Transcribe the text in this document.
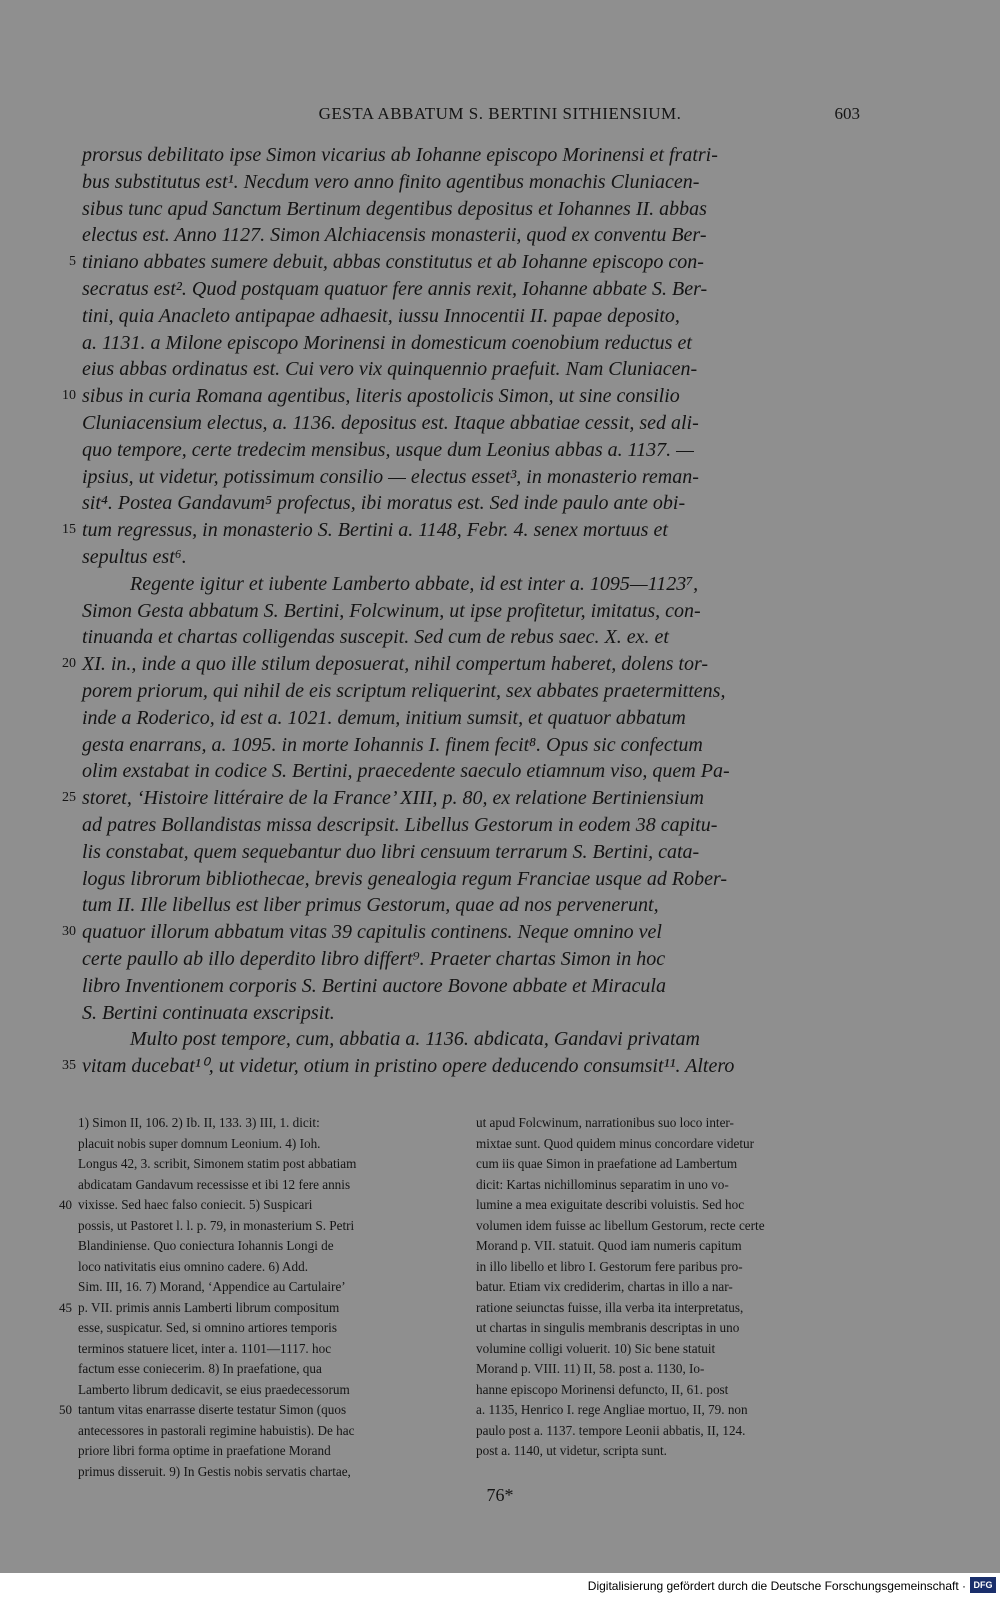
GESTA ABBATUM S. BERTINI SITHIENSIUM.	603
prorsus debilitato ipse Simon vicarius ab Iohanne episcopo Morinensi et fratri-
bus substitutus est¹. Necdum vero anno finito agentibus monachis Cluniacen-
sibus tunc apud Sanctum Bertinum degentibus depositus et Iohannes II. abbas
electus est. Anno 1127. Simon Alchiacensis monasterii, quod ex conventu Ber-
5 tiniano abbates sumere debuit, abbas constitutus et ab Iohanne episcopo con-
secratus est². Quod postquam quatuor fere annis rexit, Iohanne abbate S. Ber-
tini, quia Anacleto antipapae adhaesit, iussu Innocentii II. papae deposito,
a. 1131. a Milone episcopo Morinensi in domesticum coenobium reductus et
eius abbas ordinatus est. Cui vero vix quinquennio praefuit. Nam Cluniacen-
10 sibus in curia Romana agentibus, literis apostolicis Simon, ut sine consilio
Cluniacensium electus, a. 1136. depositus est. Itaque abbatiae cessit, sed ali-
quo tempore, certe tredecim mensibus, usque dum Leonius abbas a. 1137. —
ipsius, ut videtur, potissimum consilio — electus esset³, in monasterio reman-
sit⁴. Postea Gandavum⁵ profectus, ibi moratus est. Sed inde paulo ante obi-
15 tum regressus, in monasterio S. Bertini a. 1148, Febr. 4. senex mortuus et
sepultus est⁶.
Regente igitur et iubente Lamberto abbate, id est inter a. 1095—1123⁷,
Simon Gesta abbatum S. Bertini, Folcwinum, ut ipse profitetur, imitatus, con-
tinuanda et chartas colligendas suscepit. Sed cum de rebus saec. X. ex. et
20 XI. in., inde a quo ille stilum deposuerat, nihil compertum haberet, dolens tor-
porem priorum, qui nihil de eis scriptum reliquerint, sex abbates praetermittens,
inde a Roderico, id est a. 1021. demum, initium sumsit, et quatuor abbatum
gesta enarrans, a. 1095. in morte Iohannis I. finem fecit⁸. Opus sic confectum
olim exstabat in codice S. Bertini, praecedente saeculo etiamnum viso, quem Pa-
25 storet, ‘Histoire littéraire de la France’ XIII, p. 80, ex relatione Bertiniensium
ad patres Bollandistas missa descripsit. Libellus Gestorum in eodem 38 capitu-
lis constabat, quem sequebantur duo libri censuum terrarum S. Bertini, cata-
logus librorum bibliothecae, brevis genealogia regum Franciae usque ad Rober-
tum II. Ille libellus est liber primus Gestorum, quae ad nos pervenerunt,
30 quatuor illorum abbatum vitas 39 capitulis continens. Neque omnino vel
certe paullo ab illo deperdito libro differt⁹. Praeter chartas Simon in hoc
libro Inventionem corporis S. Bertini auctore Bovone abbate et Miracula
S. Bertini continuata exscripsit.
Multo post tempore, cum, abbatia a. 1136. abdicata, Gandavi privatam
35 vitam ducebat¹⁰, ut videtur, otium in pristino opere deducendo consumsit¹¹. Altero
1) Simon II, 106. 2) Ib. II, 133. 3) III, 1. dicit:
placuit nobis super domnum Leonium. 4) Ioh.
Longus 42, 3. scribit, Simonem statim post abbatiam
abdicatam Gandavum recessisse et ibi 12 fere annis
40 vixisse. Sed haec falso coniecit. 5) Suspicari
possis, ut Pastoret l. l. p. 79, in monasterium S. Petri
Blandiniense. Quo coniectura Iohannis Longi de
loco nativitatis eius omnino cadere. 6) Add.
Sim. III, 16. 7) Morand, ‘Appendice au Cartulaire’
45 p. VII. primis annis Lamberti librum compositum
esse, suspicatur. Sed, si omnino artiores temporis
terminos statuere licet, inter a. 1101—1117. hoc
factum esse coniecerim. 8) In praefatione, qua
Lamberto librum dedicavit, se eius praedecessorum
50 tantum vitas enarrasse diserte testatur Simon (quos
antecessores in pastorali regimine habuistis). De hac
priore libri forma optime in praefatione Morand
primus disseruit. 9) In Gestis nobis servatis chartae,
ut apud Folcwinum, narrationibus suo loco inter-
mixtae sunt. Quod quidem minus concordare videtur
cum iis quae Simon in praefatione ad Lambertum
dicit: Kartas nichillominus separatim in uno vo-
lumine a mea exiguitate describi voluistis. Sed hoc
volumen idem fuisse ac libellum Gestorum, recte certe
Morand p. VII. statuit. Quod iam numeris capitum
in illo libello et libro I. Gestorum fere paribus pro-
batur. Etiam vix crediderim, chartas in illo a nar-
ratione seiunctas fuisse, illa verba ita interpretatus,
ut chartas in singulis membranis descriptas in uno
volumine colligi voluerit. 10) Sic bene statuit
Morand p. VIII. 11) II, 58. post a. 1130, Io-
hanne episcopo Morinensi defuncto, II, 61. post
a. 1135, Henrico I. rege Angliae mortuo, II, 79. non
paulo post a. 1137. tempore Leonii abbatis, II, 124.
post a. 1140, ut videtur, scripta sunt.
76*
Digitalisierung gefördert durch die Deutsche Forschungsgemeinschaft · DFG
